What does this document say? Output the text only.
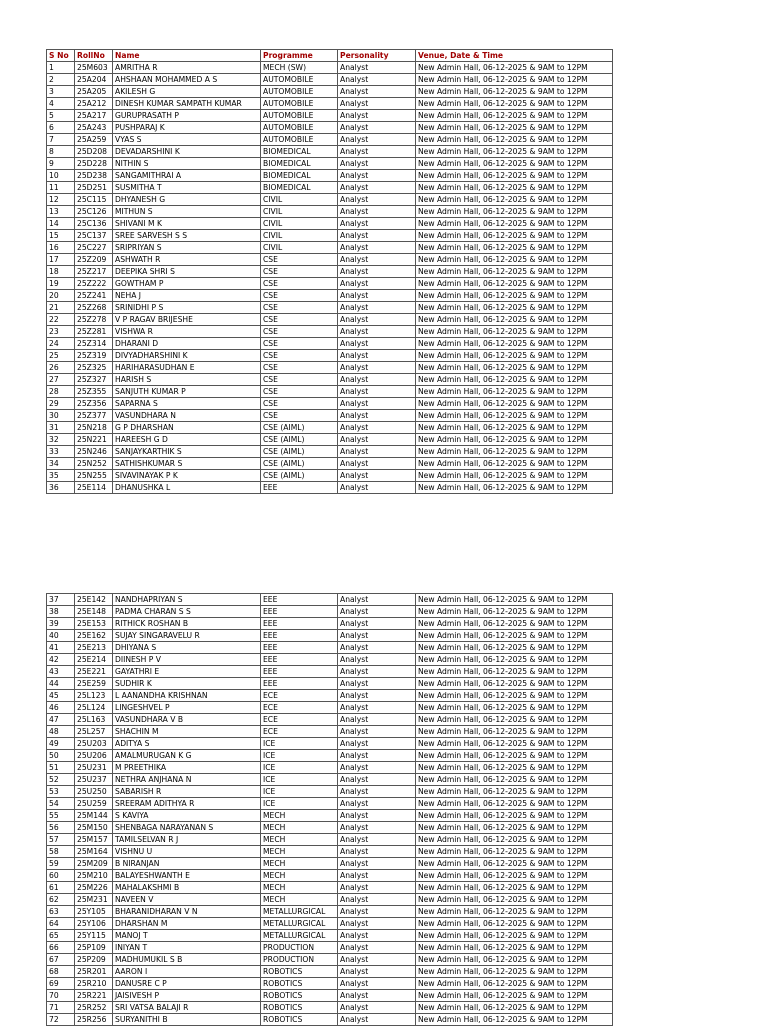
S No	RollNo	Name	Programme	Personality	Venue, Date & Time
1	25M603	AMRITHA R	MECH (SW)	Analyst	New Admin Hall, 06-12-2025 & 9AM to 12PM
2	25A204	AHSHAAN MOHAMMED A S	AUTOMOBILE	Analyst	New Admin Hall, 06-12-2025 & 9AM to 12PM
3	25A205	AKILESH G	AUTOMOBILE	Analyst	New Admin Hall, 06-12-2025 & 9AM to 12PM
4	25A212	DINESH KUMAR SAMPATH KUMAR	AUTOMOBILE	Analyst	New Admin Hall, 06-12-2025 & 9AM to 12PM
5	25A217	GURUPRASATH P	AUTOMOBILE	Analyst	New Admin Hall, 06-12-2025 & 9AM to 12PM
6	25A243	PUSHPARAJ K	AUTOMOBILE	Analyst	New Admin Hall, 06-12-2025 & 9AM to 12PM
7	25A259	VYAS S	AUTOMOBILE	Analyst	New Admin Hall, 06-12-2025 & 9AM to 12PM
8	25D208	DEVADARSHINI K	BIOMEDICAL	Analyst	New Admin Hall, 06-12-2025 & 9AM to 12PM
9	25D228	NITHIN S	BIOMEDICAL	Analyst	New Admin Hall, 06-12-2025 & 9AM to 12PM
10	25D238	SANGAMITHRAI A	BIOMEDICAL	Analyst	New Admin Hall, 06-12-2025 & 9AM to 12PM
11	25D251	SUSMITHA T	BIOMEDICAL	Analyst	New Admin Hall, 06-12-2025 & 9AM to 12PM
12	25C115	DHYANESH G	CIVIL	Analyst	New Admin Hall, 06-12-2025 & 9AM to 12PM
13	25C126	MITHUN S	CIVIL	Analyst	New Admin Hall, 06-12-2025 & 9AM to 12PM
14	25C136	SHIVANI M K	CIVIL	Analyst	New Admin Hall, 06-12-2025 & 9AM to 12PM
15	25C137	SREE SARVESH S S	CIVIL	Analyst	New Admin Hall, 06-12-2025 & 9AM to 12PM
16	25C227	SRIPRIYAN S	CIVIL	Analyst	New Admin Hall, 06-12-2025 & 9AM to 12PM
17	25Z209	ASHWATH R	CSE	Analyst	New Admin Hall, 06-12-2025 & 9AM to 12PM
18	25Z217	DEEPIKA SHRI S	CSE	Analyst	New Admin Hall, 06-12-2025 & 9AM to 12PM
19	25Z222	GOWTHAM P	CSE	Analyst	New Admin Hall, 06-12-2025 & 9AM to 12PM
20	25Z241	NEHA J	CSE	Analyst	New Admin Hall, 06-12-2025 & 9AM to 12PM
21	25Z268	SRINIDHI P S	CSE	Analyst	New Admin Hall, 06-12-2025 & 9AM to 12PM
22	25Z278	V P RAGAV BRIJESHE	CSE	Analyst	New Admin Hall, 06-12-2025 & 9AM to 12PM
23	25Z281	VISHWA R	CSE	Analyst	New Admin Hall, 06-12-2025 & 9AM to 12PM
24	25Z314	DHARANI D	CSE	Analyst	New Admin Hall, 06-12-2025 & 9AM to 12PM
25	25Z319	DIVYADHARSHINI K	CSE	Analyst	New Admin Hall, 06-12-2025 & 9AM to 12PM
26	25Z325	HARIHARASUDHAN E	CSE	Analyst	New Admin Hall, 06-12-2025 & 9AM to 12PM
27	25Z327	HARISH S	CSE	Analyst	New Admin Hall, 06-12-2025 & 9AM to 12PM
28	25Z355	SANJUTH KUMAR P	CSE	Analyst	New Admin Hall, 06-12-2025 & 9AM to 12PM
29	25Z356	SAPARNA S	CSE	Analyst	New Admin Hall, 06-12-2025 & 9AM to 12PM
30	25Z377	VASUNDHARA N	CSE	Analyst	New Admin Hall, 06-12-2025 & 9AM to 12PM
31	25N218	G P DHARSHAN	CSE (AIML)	Analyst	New Admin Hall, 06-12-2025 & 9AM to 12PM
32	25N221	HAREESH G D	CSE (AIML)	Analyst	New Admin Hall, 06-12-2025 & 9AM to 12PM
33	25N246	SANJAYKARTHIK S	CSE (AIML)	Analyst	New Admin Hall, 06-12-2025 & 9AM to 12PM
34	25N252	SATHISHKUMAR S	CSE (AIML)	Analyst	New Admin Hall, 06-12-2025 & 9AM to 12PM
35	25N255	SIVAVINAYAK P K	CSE (AIML)	Analyst	New Admin Hall, 06-12-2025 & 9AM to 12PM
36	25E114	DHANUSHKA L	EEE	Analyst	New Admin Hall, 06-12-2025 & 9AM to 12PM
37	25E142	NANDHAPRIYAN S	EEE	Analyst	New Admin Hall, 06-12-2025 & 9AM to 12PM
38	25E148	PADMA CHARAN S S	EEE	Analyst	New Admin Hall, 06-12-2025 & 9AM to 12PM
39	25E153	RITHICK ROSHAN B	EEE	Analyst	New Admin Hall, 06-12-2025 & 9AM to 12PM
40	25E162	SUJAY SINGARAVELU R	EEE	Analyst	New Admin Hall, 06-12-2025 & 9AM to 12PM
41	25E213	DHIYANA S	EEE	Analyst	New Admin Hall, 06-12-2025 & 9AM to 12PM
42	25E214	DIINESH P V	EEE	Analyst	New Admin Hall, 06-12-2025 & 9AM to 12PM
43	25E221	GAYATHRI E	EEE	Analyst	New Admin Hall, 06-12-2025 & 9AM to 12PM
44	25E259	SUDHIR K	EEE	Analyst	New Admin Hall, 06-12-2025 & 9AM to 12PM
45	25L123	L AANANDHA KRISHNAN	ECE	Analyst	New Admin Hall, 06-12-2025 & 9AM to 12PM
46	25L124	LINGESHVEL P	ECE	Analyst	New Admin Hall, 06-12-2025 & 9AM to 12PM
47	25L163	VASUNDHARA V B	ECE	Analyst	New Admin Hall, 06-12-2025 & 9AM to 12PM
48	25L257	SHACHIN M	ECE	Analyst	New Admin Hall, 06-12-2025 & 9AM to 12PM
49	25U203	ADITYA S	ICE	Analyst	New Admin Hall, 06-12-2025 & 9AM to 12PM
50	25U206	AMALMURUGAN K G	ICE	Analyst	New Admin Hall, 06-12-2025 & 9AM to 12PM
51	25U231	M PREETHIKA	ICE	Analyst	New Admin Hall, 06-12-2025 & 9AM to 12PM
52	25U237	NETHRA ANJHANA N	ICE	Analyst	New Admin Hall, 06-12-2025 & 9AM to 12PM
53	25U250	SABARISH R	ICE	Analyst	New Admin Hall, 06-12-2025 & 9AM to 12PM
54	25U259	SREERAM ADITHYA R	ICE	Analyst	New Admin Hall, 06-12-2025 & 9AM to 12PM
55	25M144	S KAVIYA	MECH	Analyst	New Admin Hall, 06-12-2025 & 9AM to 12PM
56	25M150	SHENBAGA NARAYANAN S	MECH	Analyst	New Admin Hall, 06-12-2025 & 9AM to 12PM
57	25M157	TAMILSELVAN R J	MECH	Analyst	New Admin Hall, 06-12-2025 & 9AM to 12PM
58	25M164	VISHNU U	MECH	Analyst	New Admin Hall, 06-12-2025 & 9AM to 12PM
59	25M209	B NIRANJAN	MECH	Analyst	New Admin Hall, 06-12-2025 & 9AM to 12PM
60	25M210	BALAYESHWANTH E	MECH	Analyst	New Admin Hall, 06-12-2025 & 9AM to 12PM
61	25M226	MAHALAKSHMI B	MECH	Analyst	New Admin Hall, 06-12-2025 & 9AM to 12PM
62	25M231	NAVEEN V	MECH	Analyst	New Admin Hall, 06-12-2025 & 9AM to 12PM
63	25Y105	BHARANIDHARAN V N	METALLURGICAL	Analyst	New Admin Hall, 06-12-2025 & 9AM to 12PM
64	25Y106	DHARSHAN M	METALLURGICAL	Analyst	New Admin Hall, 06-12-2025 & 9AM to 12PM
65	25Y115	MANOJ T	METALLURGICAL	Analyst	New Admin Hall, 06-12-2025 & 9AM to 12PM
66	25P109	INIYAN T	PRODUCTION	Analyst	New Admin Hall, 06-12-2025 & 9AM to 12PM
67	25P209	MADHUMUKIL S B	PRODUCTION	Analyst	New Admin Hall, 06-12-2025 & 9AM to 12PM
68	25R201	AARON I	ROBOTICS	Analyst	New Admin Hall, 06-12-2025 & 9AM to 12PM
69	25R210	DANUSRE C P	ROBOTICS	Analyst	New Admin Hall, 06-12-2025 & 9AM to 12PM
70	25R221	JAISIVESH P	ROBOTICS	Analyst	New Admin Hall, 06-12-2025 & 9AM to 12PM
71	25R252	SRI VATSA BALAJI R	ROBOTICS	Analyst	New Admin Hall, 06-12-2025 & 9AM to 12PM
72	25R256	SURYANITHI B	ROBOTICS	Analyst	New Admin Hall, 06-12-2025 & 9AM to 12PM
